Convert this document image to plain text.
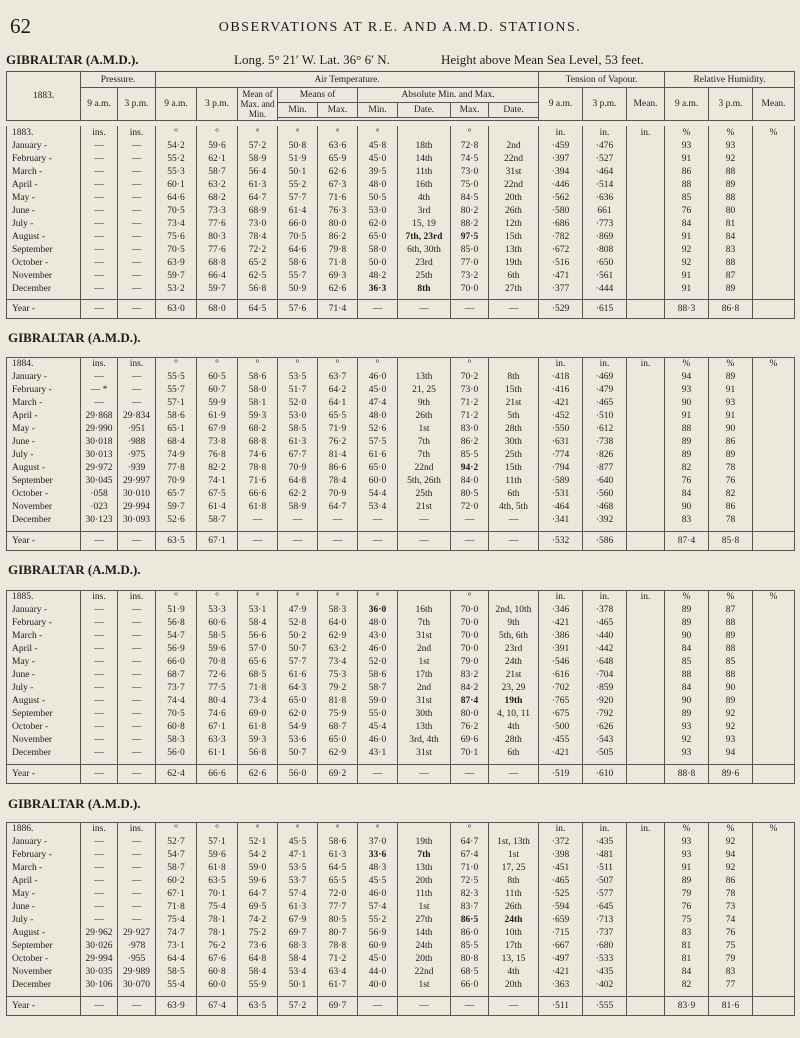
62	OBSERVATIONS AT R.E. AND A.M.D. STATIONS.
GIBRALTAR (A.M.D.).	Long. 5° 21′ W. Lat. 36° 6′ N.	Height above Mean Sea Level, 53 feet.
1883.	Pressure.		Air Temperature.									Tension of Vapour.			Relative Humidity.		
	9 a.m.	3 p.m.	9 a.m.	3 p.m.	Mean of Max. and Min.	Means of		Absolute Min. and Max.				9 a.m.	3 p.m.	Mean.	9 a.m.	3 p.m.	Mean.
						Min.	Max.	Min.	Date.	Max.	Date.						

1883.	ins.	ins.	°	°	°	°	°	°		°		in.	in.	in.	%	%	%
January -	—	—	54·2	59·6	57·2	50·8	63·6	45·8	18th	72·8	2nd	·459	·476		93	93	
February -	—	—	55·2	62·1	58·9	51·9	65·9	45·0	14th	74·5	22nd	·397	·527		91	92	
March -	—	—	55·3	58·7	56·4	50·1	62·6	39·5	11th	73·0	31st	·394	·464		86	88	
April -	—	—	60·1	63·2	61·3	55·2	67·3	48·0	16th	75·0	22nd	·446	·514		88	89	
May -	—	—	64·6	68·2	64·7	57·7	71·6	50·5	4th	84·5	20th	·562	·636		85	88	
June -	—	—	70·5	73·3	68·9	61·4	76·3	53·0	3rd	80·2	26th	·580	661		76	80	
July -	—	—	73·4	77·6	73·0	66·0	80·0	62·0	15, 19	88·2	12th	·686	·773		84	81	
August -	—	—	75·6	80·3	78·4	70·5	86·2	65·0	7th, 23rd	97·5	15th	·782	·869		91	84	
September	—	—	70·5	77·6	72·2	64·6	79·8	58·0	6th, 30th	85·0	13th	·672	·808		92	83	
October -	—	—	63·9	68·8	65·2	58·6	71·8	50·0	23rd	77·0	19th	·516	·650		92	88	
November	—	—	59·7	66·4	62·5	55·7	69·3	48·2	25th	73·2	6th	·471	·561		91	87	
December	—	—	53·2	59·7	56·8	50·9	62·6	36·3	8th	70·0	27th	·377	·444		91	89	

Year -	—	—	63·0	68·0	64·5	57·6	71·4	—	—	—	—	·529	·615		88·3	86·8	
GIBRALTAR (A.M.D.).
1884.	ins.	ins.	°	°	°	°	°	°		°		in.	in.	in.	%	%	%
January -	—	—	55·5	60·5	58·6	53·5	63·7	46·0	13th	70·2	8th	·418	·469		94	89	
February -	— *	—	55·7	60·7	58·0	51·7	64·2	45·0	21, 25	73·0	15th	·416	·479		93	91	
March -	—	—	57·1	59·9	58·1	52·0	64·1	47·4	9th	71·2	21st	·421	·465		90	93	
April -	29·868	29·834	58·6	61·9	59·3	53·0	65·5	48·0	26th	71·2	5th	·452	·510		91	91	
May -	29·990	·951	65·1	67·9	68·2	58·5	71·9	52·6	1st	83·0	28th	·550	·612		88	90	
June -	30·018	·988	68·4	73·8	68·8	61·3	76·2	57·5	7th	86·2	30th	·631	·738		89	86	
July -	30·013	·975	74·9	76·8	74·6	67·7	81·4	61·6	7th	85·5	25th	·774	·826		89	89	
August -	29·972	·939	77·8	82·2	78·8	70·9	86·6	65·0	22nd	94·2	15th	·794	·877		82	78	
September	30·045	29·997	70·9	74·1	71·6	64·8	78·4	60·0	5th, 26th	84·0	11th	·589	·640		76	76	
October -	·058	30·010	65·7	67·5	66·6	62·2	70·9	54·4	25th	80·5	6th	·531	·560		84	82	
November	·023	29·994	59·7	61·4	61·8	58·9	64·7	53·4	21st	72·0	4th, 5th	·464	·468		90	86	
December	30·123	30·093	52·6	58·7	—	—	—	—	—	—	—	·341	·392		83	78	

Year -	—	—	63·5	67·1	—	—	—	—	—	—	—	·532	·586		87·4	85·8	
GIBRALTAR (A.M.D.).
1885.	ins.	ins.	°	°	°	°	°	°		°		in.	in.	in.	%	%	%
January -	—	—	51·9	53·3	53·1	47·9	58·3	36·0	16th	70·0	2nd, 10th	·346	·378		89	87	
February -	—	—	56·8	60·6	58·4	52·8	64·0	48·0	7th	70·0	9th	·421	·465		89	88	
March -	—	—	54·7	58·5	56·6	50·2	62·9	43·0	31st	70·0	5th, 6th	·386	·440		90	89	
April -	—	—	56·9	59·6	57·0	50·7	63·2	46·0	2nd	70·0	23rd	·391	·442		84	88	
May -	—	—	66·0	70·8	65·6	57·7	73·4	52·0	1st	79·0	24th	·546	·648		85	85	
June -	—	—	68·7	72·6	68·5	61·6	75·3	58·6	17th	83·2	21st	·616	·704		88	88	
July -	—	—	73·7	77·5	71·8	64·3	79·2	58·7	2nd	84·2	23, 29	·702	·859		84	90	
August -	—	—	74·4	80·4	73·4	65·0	81·8	59·0	31st	87·4	19th	·765	·920		90	89	
September	—	—	70·5	74·6	69·0	62·0	75·9	55·0	30th	80·0	4, 10, 11	·675	·792		89	92	
October -	—	—	60·8	67·1	61·8	54·9	68·7	45·4	13th	76·2	4th	·500	·626		93	92	
November	—	—	58·3	63·3	59·3	53·6	65·0	46·0	3rd, 4th	69·6	28th	·455	·543		92	93	
December	—	—	56·0	61·1	56·8	50·7	62·9	43·1	31st	70·1	6th	·421	·505		93	94	

Year -	—	—	62·4	66·6	62·6	56·0	69·2	—	—	—	—	·519	·610		88·8	89·6	
GIBRALTAR (A.M.D.).
1886.	ins.	ins.	°	°	°	°	°	°		°		in.	in.	in.	%	%	%
January -	—	—	52·7	57·1	52·1	45·5	58·6	37·0	19th	64·7	1st, 13th	·372	·435		93	92	
February -	—	—	54·7	59·6	54·2	47·1	61·3	33·6	7th	67·4	1st	·398	·481		93	94	
March -	—	—	58·7	61·8	59·0	53·5	64·5	48·3	13th	71·0	17, 25	·451	·511		91	92	
April -	—	—	60·2	63·5	59·6	53·7	65·5	45·5	20th	72·5	8th	·465	·507		89	86	
May -	—	—	67·1	70·1	64·7	57·4	72·0	46·0	11th	82·3	11th	·525	·577		79	78	
June -	—	—	71·8	75·4	69·5	61·3	77·7	57·4	1st	83·7	26th	·594	·645		76	73	
July -	—	—	75·4	78·1	74·2	67·9	80·5	55·2	27th	86·5	24th	·659	·713		75	74	
August -	29·962	29·927	74·7	78·1	75·2	69·7	80·7	56·9	14th	86·0	10th	·715	·737		83	76	
September	30·026	·978	73·1	76·2	73·6	68·3	78·8	60·9	24th	85·5	17th	·667	·680		81	75	
October -	29·994	·955	64·4	67·6	64·8	58·4	71·2	45·0	20th	80·8	13, 15	·497	·533		81	79	
November	30·035	29·989	58·5	60·8	58·4	53·4	63·4	44·0	22nd	68·5	4th	·421	·435		84	83	
December	30·106	30·070	55·4	60·0	55·9	50·1	61·7	40·0	1st	66·0	20th	·363	·402		82	77	

Year -	—	—	63·9	67·4	63·5	57·2	69·7	—	—	—	—	·511	·555		83·9	81·6	
